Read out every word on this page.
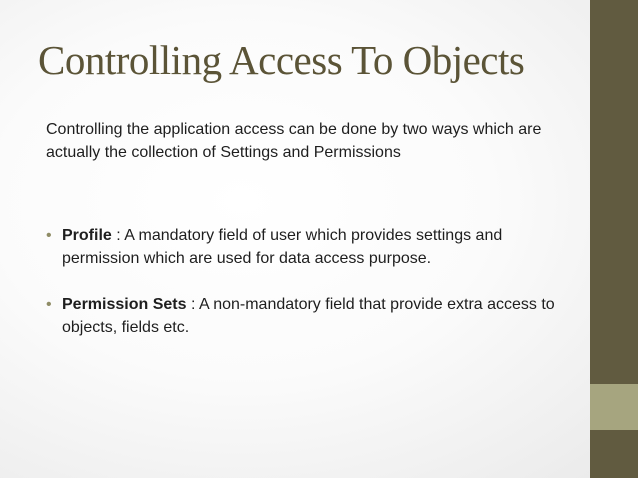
Controlling Access To Objects

Controlling the application access can be done by two ways which are actually the collection of Settings and Permissions

• Profile : A mandatory field of user which provides settings and permission which are used for data access purpose.
• Permission Sets : A non-mandatory field that provide extra access to objects, fields etc.
